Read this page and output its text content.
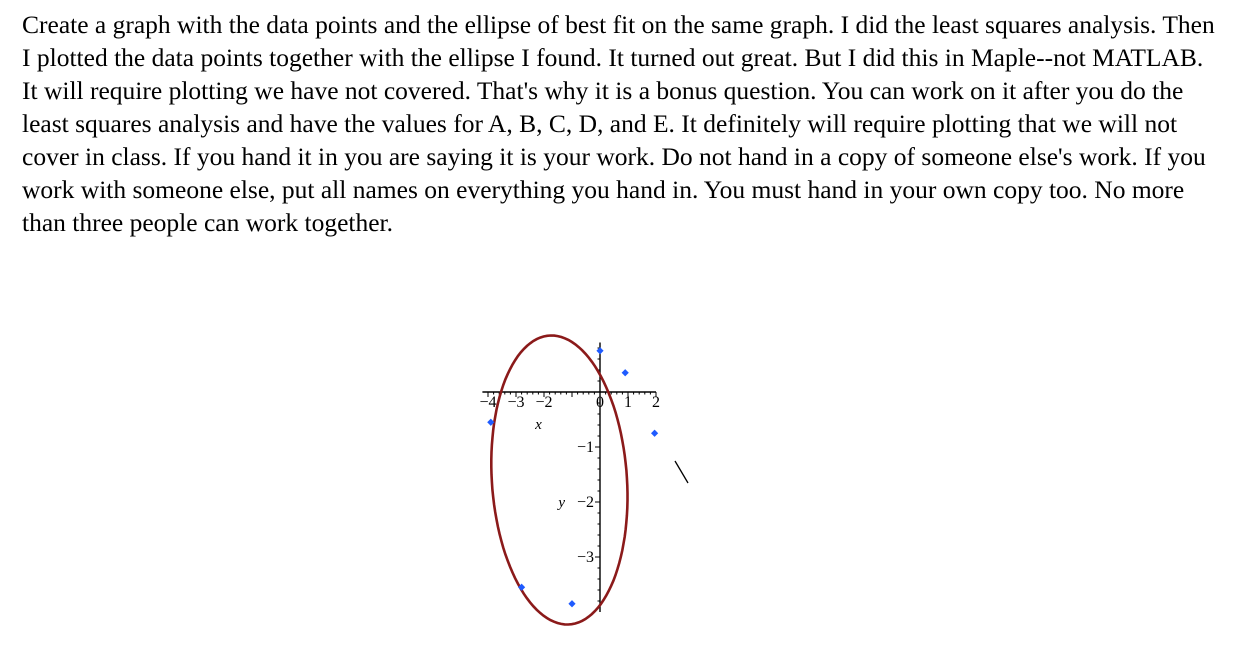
Create a graph with the data points and the ellipse of best fit on the same graph. I did the least squares analysis. Then I plotted the data points together with the ellipse I found. It turned out great. But I did this in Maple--not MATLAB. It will require plotting we have not covered. That's why it is a bonus question. You can work on it after you do the least squares analysis and have the values for A, B, C, D, and E. It definitely will require plotting that we will not cover in class. If you hand it in you are saying it is your work. Do not hand in a copy of someone else's work. If you work with someone else, put all names on everything you hand in. You must hand in your own copy too. No more than three people can work together.

−4 −3 −2	0 1 2
−1
−2
−3
x
y
